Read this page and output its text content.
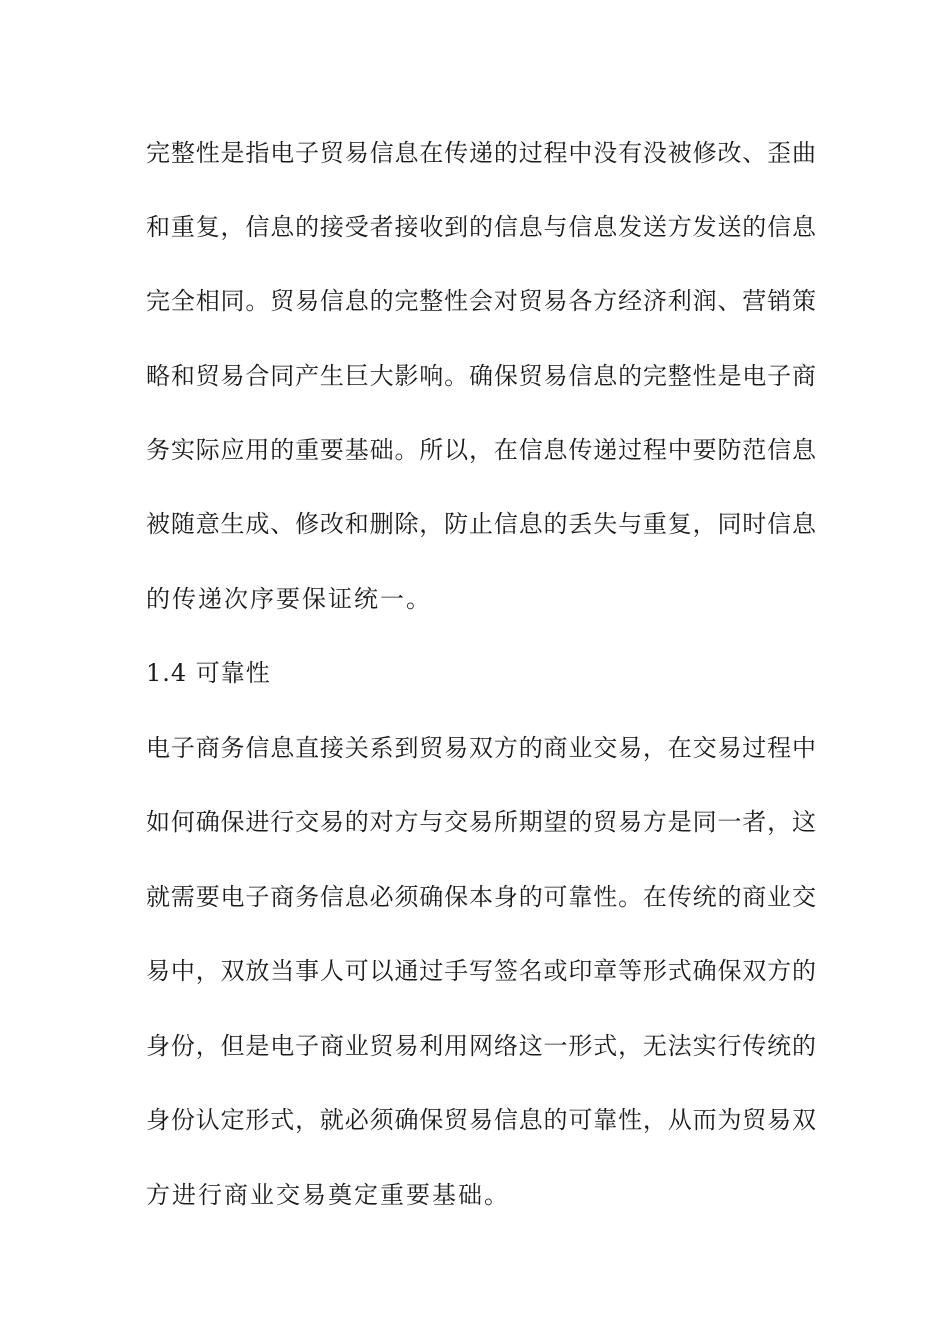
完整性是指电子贸易信息在传递的过程中没有没被修改、歪曲
和重复，信息的接受者接收到的信息与信息发送方发送的信息
完全相同。贸易信息的完整性会对贸易各方经济利润、营销策
略和贸易合同产生巨大影响。确保贸易信息的完整性是电子商
务实际应用的重要基础。所以，在信息传递过程中要防范信息
被随意生成、修改和删除，防止信息的丢失与重复，同时信息
的传递次序要保证统一。
1.4 可靠性
电子商务信息直接关系到贸易双方的商业交易，在交易过程中
如何确保进行交易的对方与交易所期望的贸易方是同一者，这
就需要电子商务信息必须确保本身的可靠性。在传统的商业交
易中，双放当事人可以通过手写签名或印章等形式确保双方的
身份，但是电子商业贸易利用网络这一形式，无法实行传统的
身份认定形式，就必须确保贸易信息的可靠性，从而为贸易双
方进行商业交易奠定重要基础。
